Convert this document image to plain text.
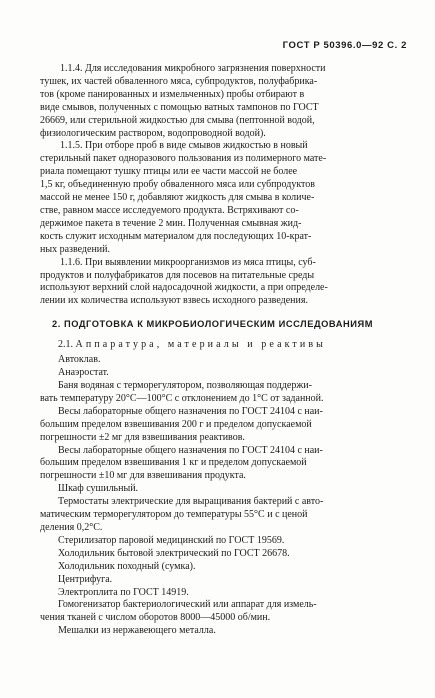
ГОСТ Р 50396.0—92 С. 2

1.1.4. Для исследования микробного загрязнения поверхности
тушек, их частей обваленного мяса, субпродуктов, полуфабрика-
тов (кроме панированных и измельченных) пробы отбирают в
виде смывов, полученных с помощью ватных тампонов по ГОСТ
26669, или стерильной жидкостью для смыва (пептонной водой,
физиологическим раствором, водопроводной водой).

1.1.5. При отборе проб в виде смывов жидкостью в новый
стерильный пакет одноразового пользования из полимерного мате-
риала помещают тушку птицы или ее части массой не более
1,5 кг, объединенную пробу обваленного мяса или субпродуктов
массой не менее 150 г, добавляют жидкость для смыва в количе-
стве, равном массе исследуемого продукта. Встряхивают со-
держимое пакета в течение 2 мин. Полученная смывная жид-
кость служит исходным материалом для последующих 10-крат-
ных разведений.

1.1.6. При выявлении микроорганизмов из мяса птицы, суб-
продуктов и полуфабрикатов для посевов на питательные среды
используют верхний слой надосадочной жидкости, а при определе-
лении их количества используют взвесь исходного разведения.

2. ПОДГОТОВКА К МИКРОБИОЛОГИЧЕСКИМ ИССЛЕДОВАНИЯМ
2.1. Аппаратура, материалы и реактивы

Автоклав.

Анаэростат.

Баня водяная с терморегулятором, позволяющая поддержи-

вать температуру 20°С—100°С с отклонением до 1°С от заданной.

Весы лабораторные общего назначения по ГОСТ 24104 с наи-

большим пределом взвешивания 200 г и пределом допускаемой

погрешности ±2 мг для взвешивания реактивов.

Весы лабораторные общего назначения по ГОСТ 24104 с наи-

большим пределом взвешивания 1 кг и пределом допускаемой

погрешности ±10 мг для взвешивания продукта.

Шкаф сушильный.

Термостаты электрические для выращивания бактерий с авто-

матическим терморегулятором до температуры 55°С и с ценой

деления 0,2°С.

Стерилизатор паровой медицинский по ГОСТ 19569.

Холодильник бытовой электрический по ГОСТ 26678.

Холодильник походный (сумка).

Центрифуга.

Электроплита по ГОСТ 14919.

Гомогенизатор бактериологический или аппарат для измель-

чения тканей с числом оборотов 8000—45000 об/мин.

Мешалки из нержавеющего металла.
